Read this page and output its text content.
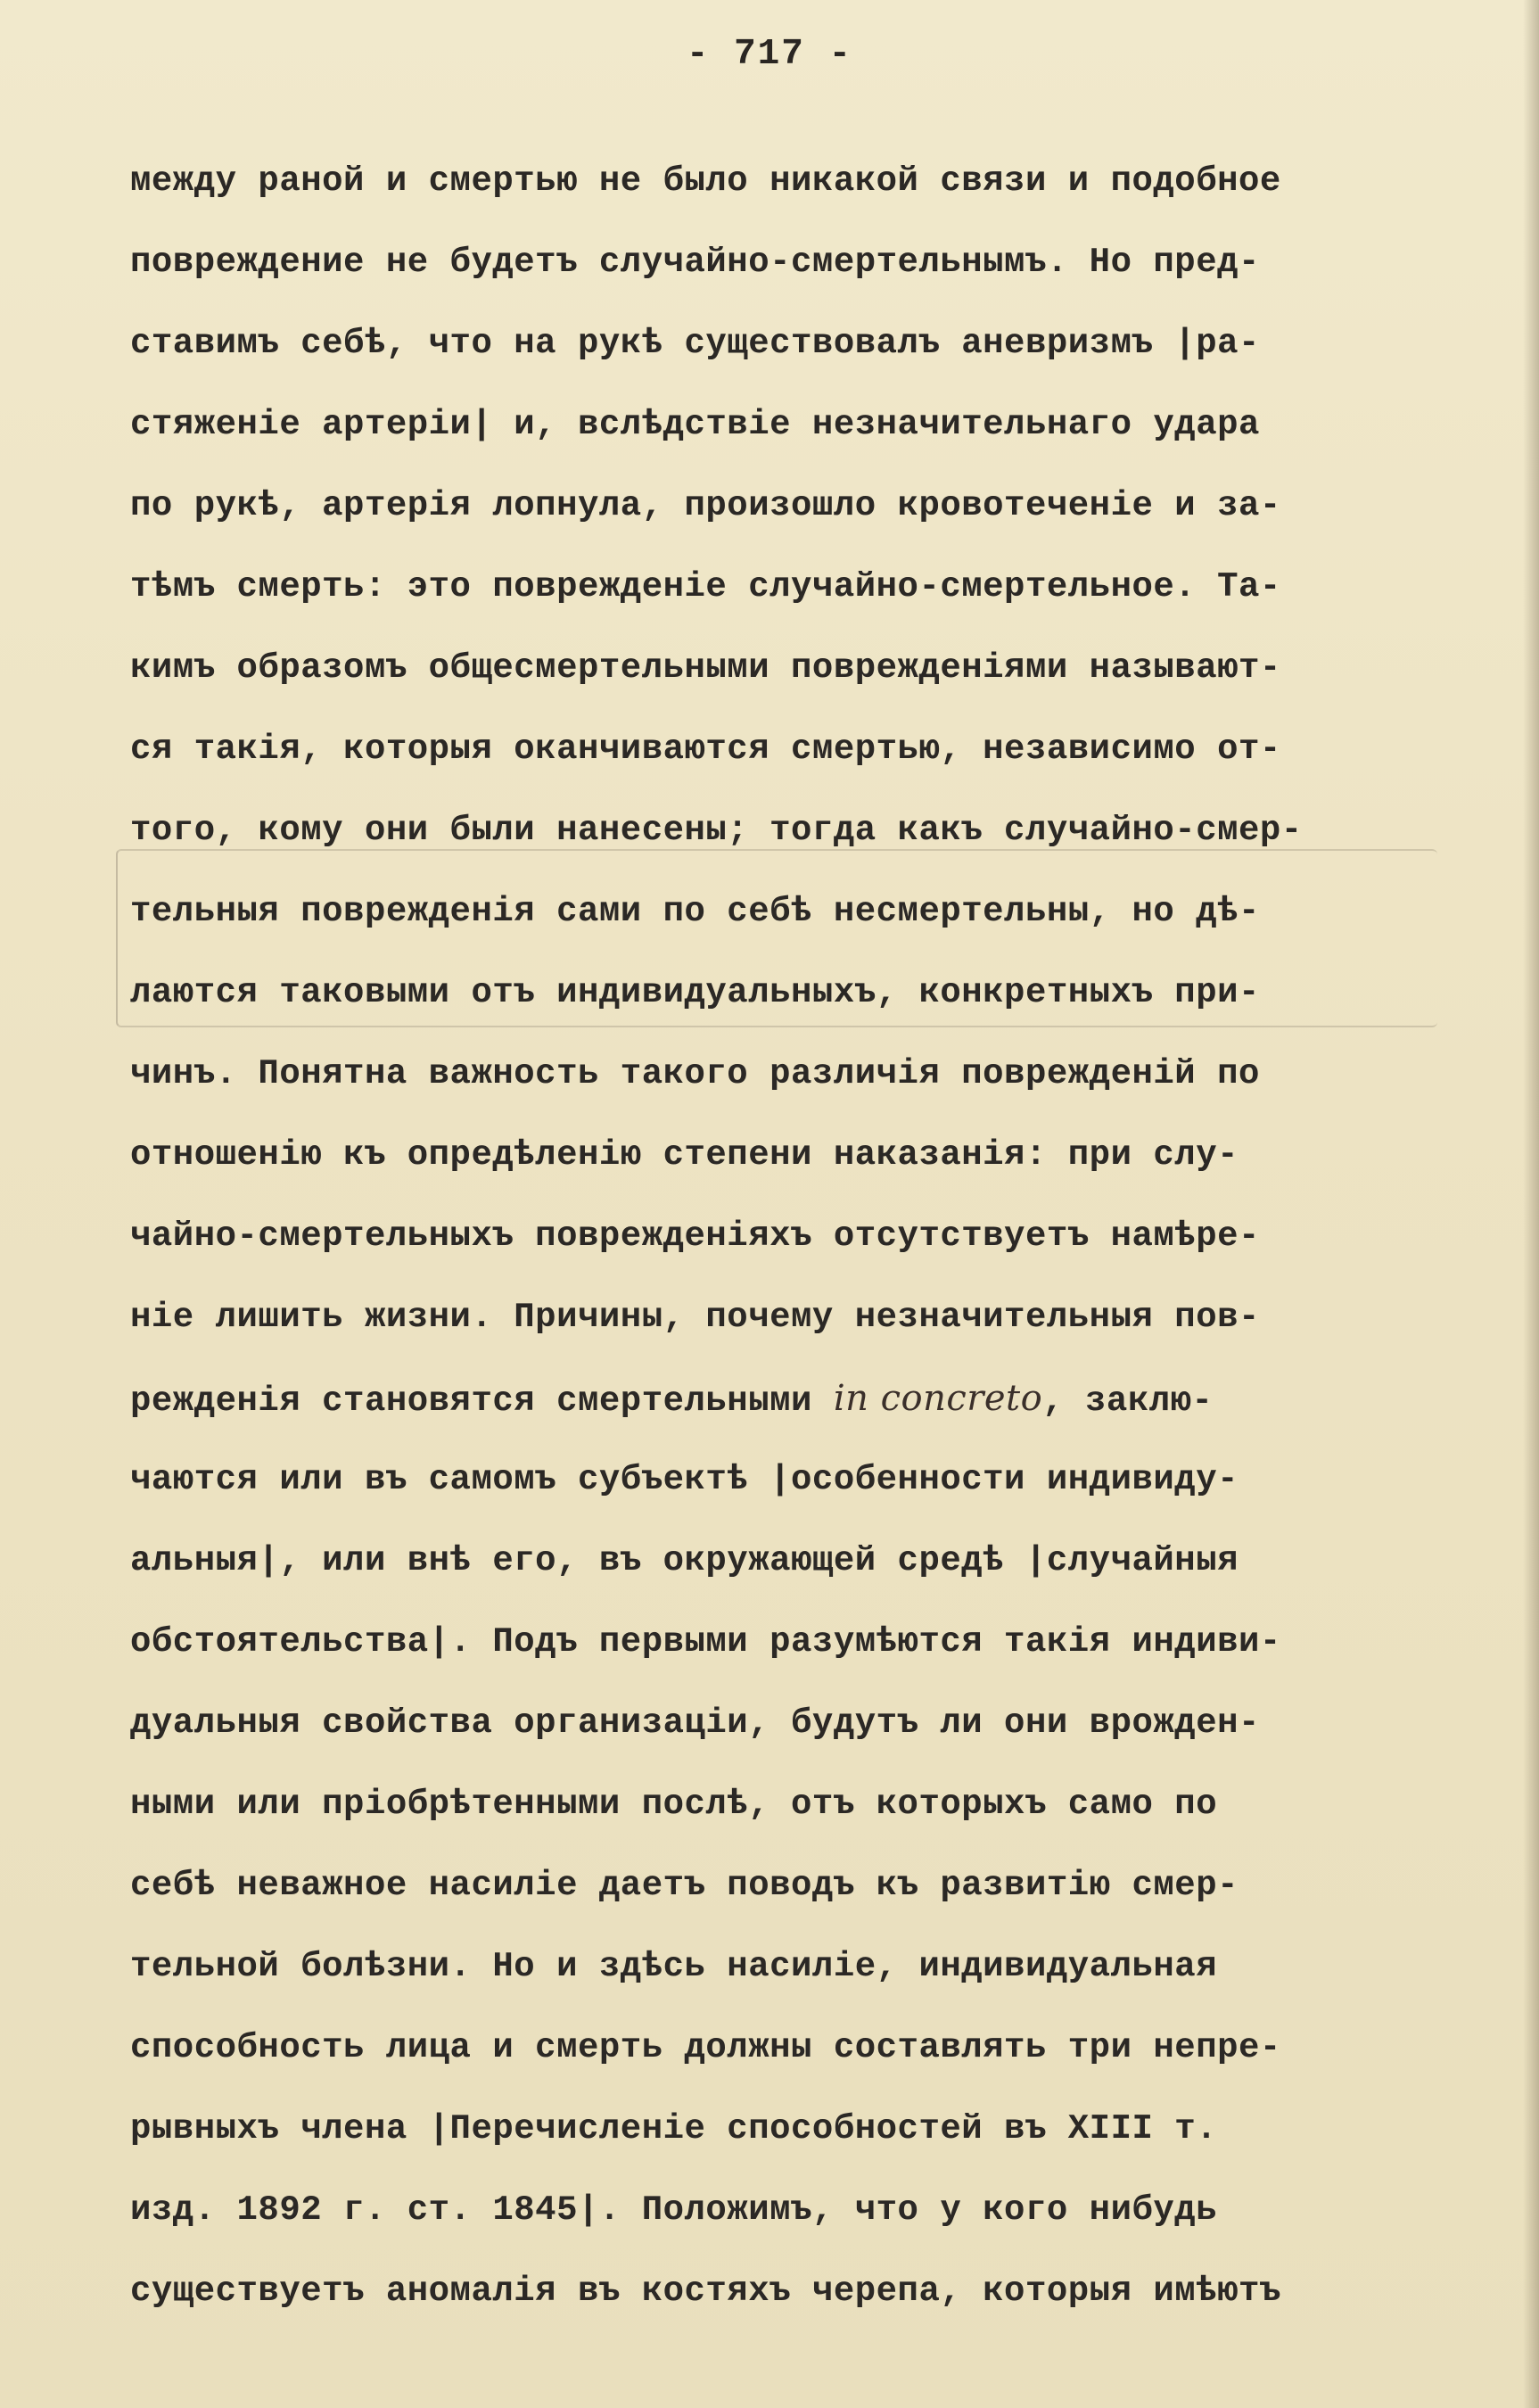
- 717 -
между раной и смертью не было никакой связи и подобное
повреждение не будетъ случайно-смертельнымъ. Но пред-
ставимъ себѣ, что на рукѣ существовалъ аневризмъ |ра-
стяженіе артеріи| и, вслѣдствіе незначительнаго удара
по рукѣ, артерія лопнула, произошло кровотеченіе и за-
тѣмъ смерть: это поврежденіе случайно-смертельное. Та-
кимъ образомъ общесмертельными поврежденіями называют-
ся такія, которыя оканчиваются смертью, независимо от-
того, кому они были нанесены; тогда какъ случайно-смер-
тельныя поврежденія сами по себѣ несмертельны, но дѣ-
лаются таковыми отъ индивидуальныхъ, конкретныхъ при-
чинъ. Понятна важность такого различія поврежденій по
отношенію къ опредѣленію степени наказанія: при слу-
чайно-смертельныхъ поврежденіяхъ отсутствуетъ намѣре-
ніе лишить жизни. Причины, почему незначительныя пов-
режденія становятся смертельными in concreto, заклю-
чаются или въ самомъ субъектѣ |особенности индивиду-
альныя|, или внѣ его, въ окружающей средѣ |случайныя
обстоятельства|. Подъ первыми разумѣются такія индиви-
дуальныя свойства организаціи, будутъ ли они врожден-
ными или пріобрѣтенными послѣ, отъ которыхъ само по
себѣ неважное насиліе даетъ поводъ къ развитію смер-
тельной болѣзни. Но и здѣсь насиліе, индивидуальная
способность лица и смерть должны составлять три непре-
рывныхъ члена |Перечисленіе способностей въ XIII т.
изд. 1892 г. ст. 1845|. Положимъ, что у кого нибудь
существуетъ аномалія въ костяхъ черепа, которыя имѣютъ
